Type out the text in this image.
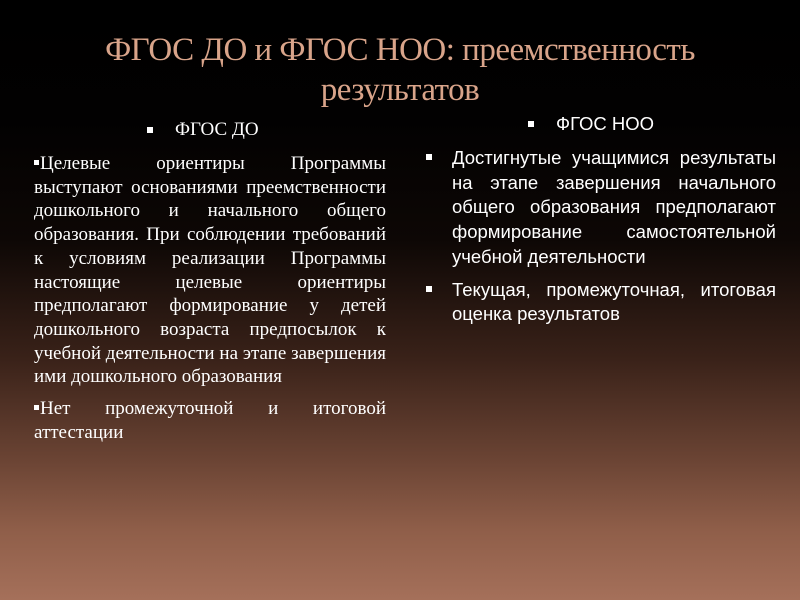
ФГОС ДО и ФГОС НОО: преемственность
результатов
ФГОС ДО
Целевые ориентиры Программы выступают основаниями преемственности дошкольного и начального общего образования. При соблюдении требований к условиям реализации Программы настоящие целевые ориентиры предполагают формирование у детей дошкольного возраста предпосылок к учебной деятельности на этапе завершения ими дошкольного образования
Нет промежуточной и итоговой аттестации
ФГОС НОО
Достигнутые учащимися результаты на этапе завершения начального общего образования предполагают формирование самостоятельной учебной деятельности
Текущая, промежуточная, итоговая оценка результатов
